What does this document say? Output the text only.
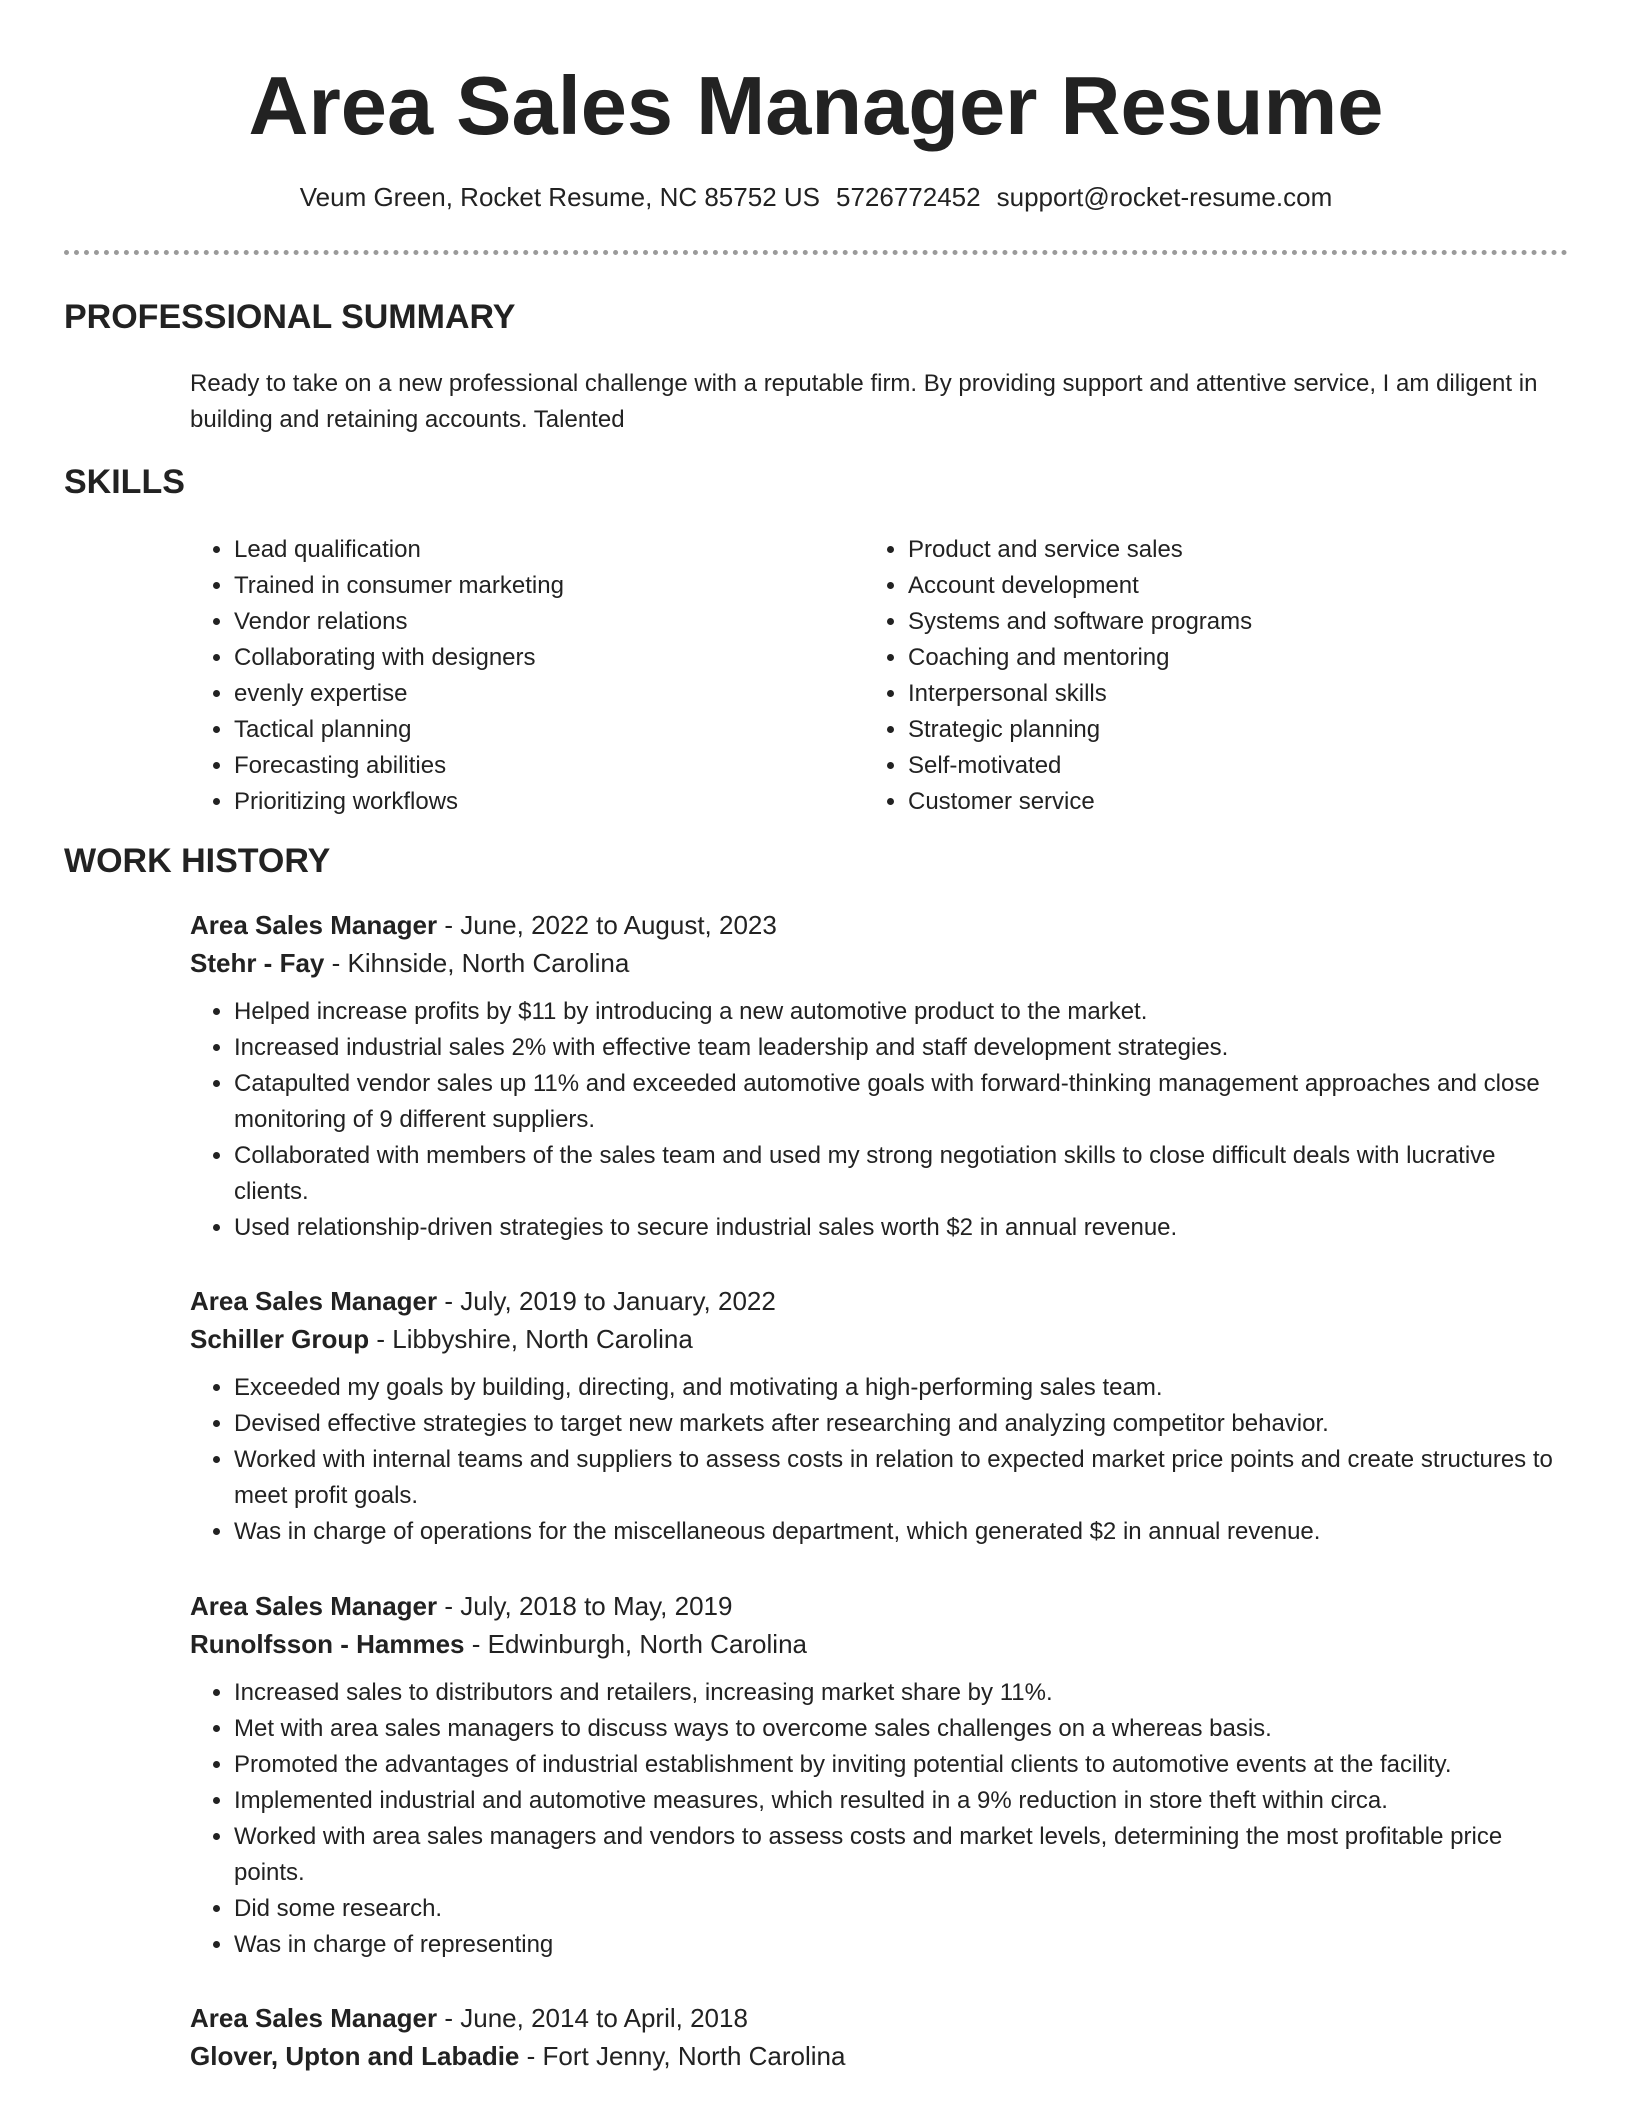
Area Sales Manager Resume
Veum Green, Rocket Resume, NC 85752 US 5726772452 support@rocket-resume.com
PROFESSIONAL SUMMARY

Ready to take on a new professional challenge with a reputable firm. By providing support and attentive service, I am diligent in building and retaining accounts. Talented

SKILLS
• Lead qualification
• Trained in consumer marketing
• Vendor relations
• Collaborating with designers
• evenly expertise
• Tactical planning
• Forecasting abilities
• Prioritizing workflows
• Product and service sales
• Account development
• Systems and software programs
• Coaching and mentoring
• Interpersonal skills
• Strategic planning
• Self-motivated
• Customer service
WORK HISTORY

Area Sales Manager - June, 2022 to August, 2023

Stehr - Fay - Kihnside, North Carolina

• Helped increase profits by $11 by introducing a new automotive product to the market.
• Increased industrial sales 2% with effective team leadership and staff development strategies.
• Catapulted vendor sales up 11% and exceeded automotive goals with forward-thinking management approaches and close monitoring of 9 different suppliers.
• Collaborated with members of the sales team and used my strong negotiation skills to close difficult deals with lucrative clients.
• Used relationship-driven strategies to secure industrial sales worth $2 in annual revenue.

Area Sales Manager - July, 2019 to January, 2022

Schiller Group - Libbyshire, North Carolina

• Exceeded my goals by building, directing, and motivating a high-performing sales team.
• Devised effective strategies to target new markets after researching and analyzing competitor behavior.
• Worked with internal teams and suppliers to assess costs in relation to expected market price points and create structures to meet profit goals.
• Was in charge of operations for the miscellaneous department, which generated $2 in annual revenue.

Area Sales Manager - July, 2018 to May, 2019

Runolfsson - Hammes - Edwinburgh, North Carolina

• Increased sales to distributors and retailers, increasing market share by 11%.
• Met with area sales managers to discuss ways to overcome sales challenges on a whereas basis.
• Promoted the advantages of industrial establishment by inviting potential clients to automotive events at the facility.
• Implemented industrial and automotive measures, which resulted in a 9% reduction in store theft within circa.
• Worked with area sales managers and vendors to assess costs and market levels, determining the most profitable price points.
• Did some research.
• Was in charge of representing

Area Sales Manager - June, 2014 to April, 2018

Glover, Upton and Labadie - Fort Jenny, North Carolina
